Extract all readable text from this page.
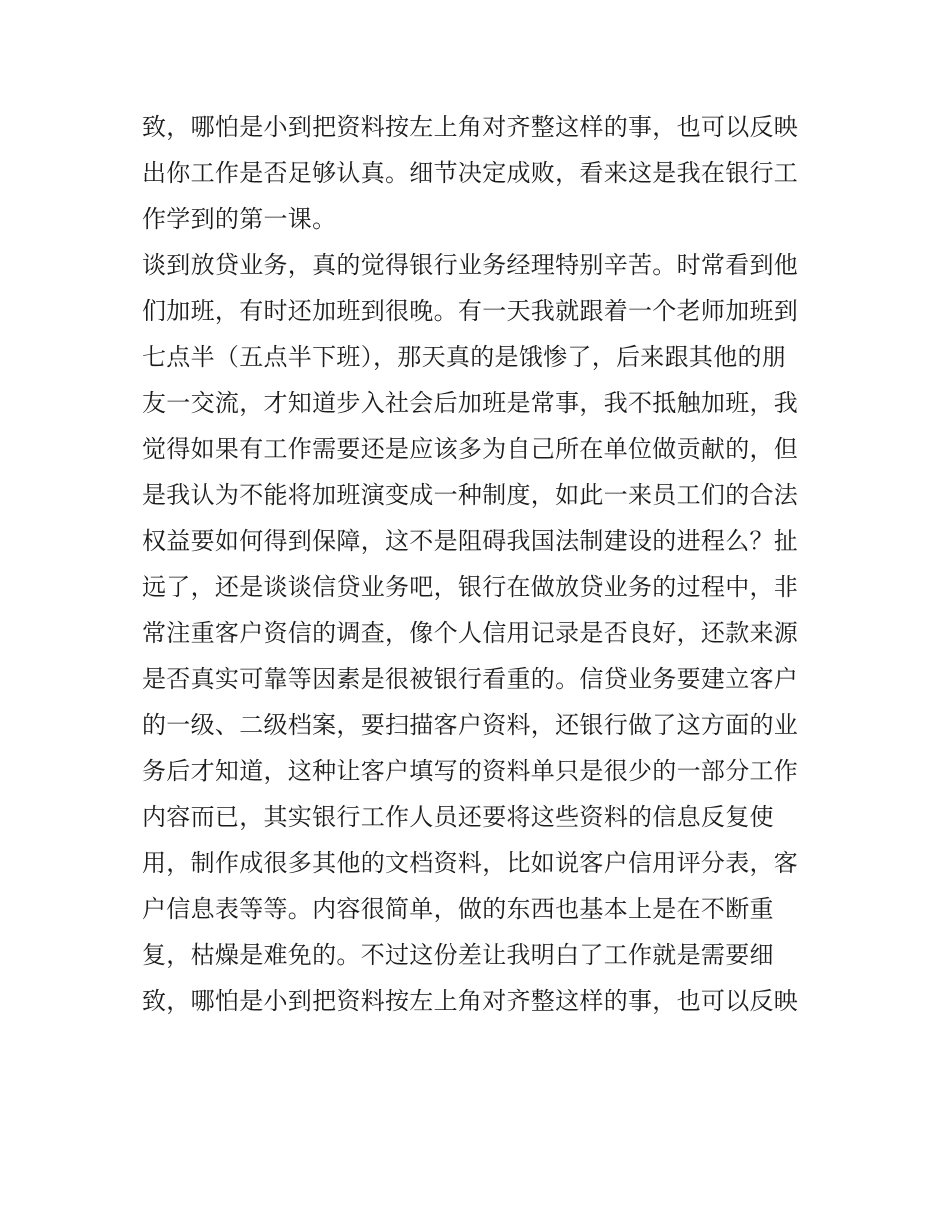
致，哪怕是小到把资料按左上角对齐整这样的事，也可以反映
出你工作是否足够认真。细节决定成败，看来这是我在银行工
作学到的第一课。
谈到放贷业务，真的觉得银行业务经理特别辛苦。时常看到他
们加班，有时还加班到很晚。有一天我就跟着一个老师加班到
七点半（五点半下班），那天真的是饿惨了，后来跟其他的朋
友一交流，才知道步入社会后加班是常事，我不抵触加班，我
觉得如果有工作需要还是应该多为自己所在单位做贡献的，但
是我认为不能将加班演变成一种制度，如此一来员工们的合法
权益要如何得到保障，这不是阻碍我国法制建设的进程么？扯
远了，还是谈谈信贷业务吧，银行在做放贷业务的过程中，非
常注重客户资信的调查，像个人信用记录是否良好，还款来源
是否真实可靠等因素是很被银行看重的。信贷业务要建立客户
的一级、二级档案，要扫描客户资料，还银行做了这方面的业
务后才知道，这种让客户填写的资料单只是很少的一部分工作
内容而已，其实银行工作人员还要将这些资料的信息反复使
用，制作成很多其他的文档资料，比如说客户信用评分表，客
户信息表等等。内容很简单，做的东西也基本上是在不断重
复，枯燥是难免的。不过这份差让我明白了工作就是需要细
致，哪怕是小到把资料按左上角对齐整这样的事，也可以反映
